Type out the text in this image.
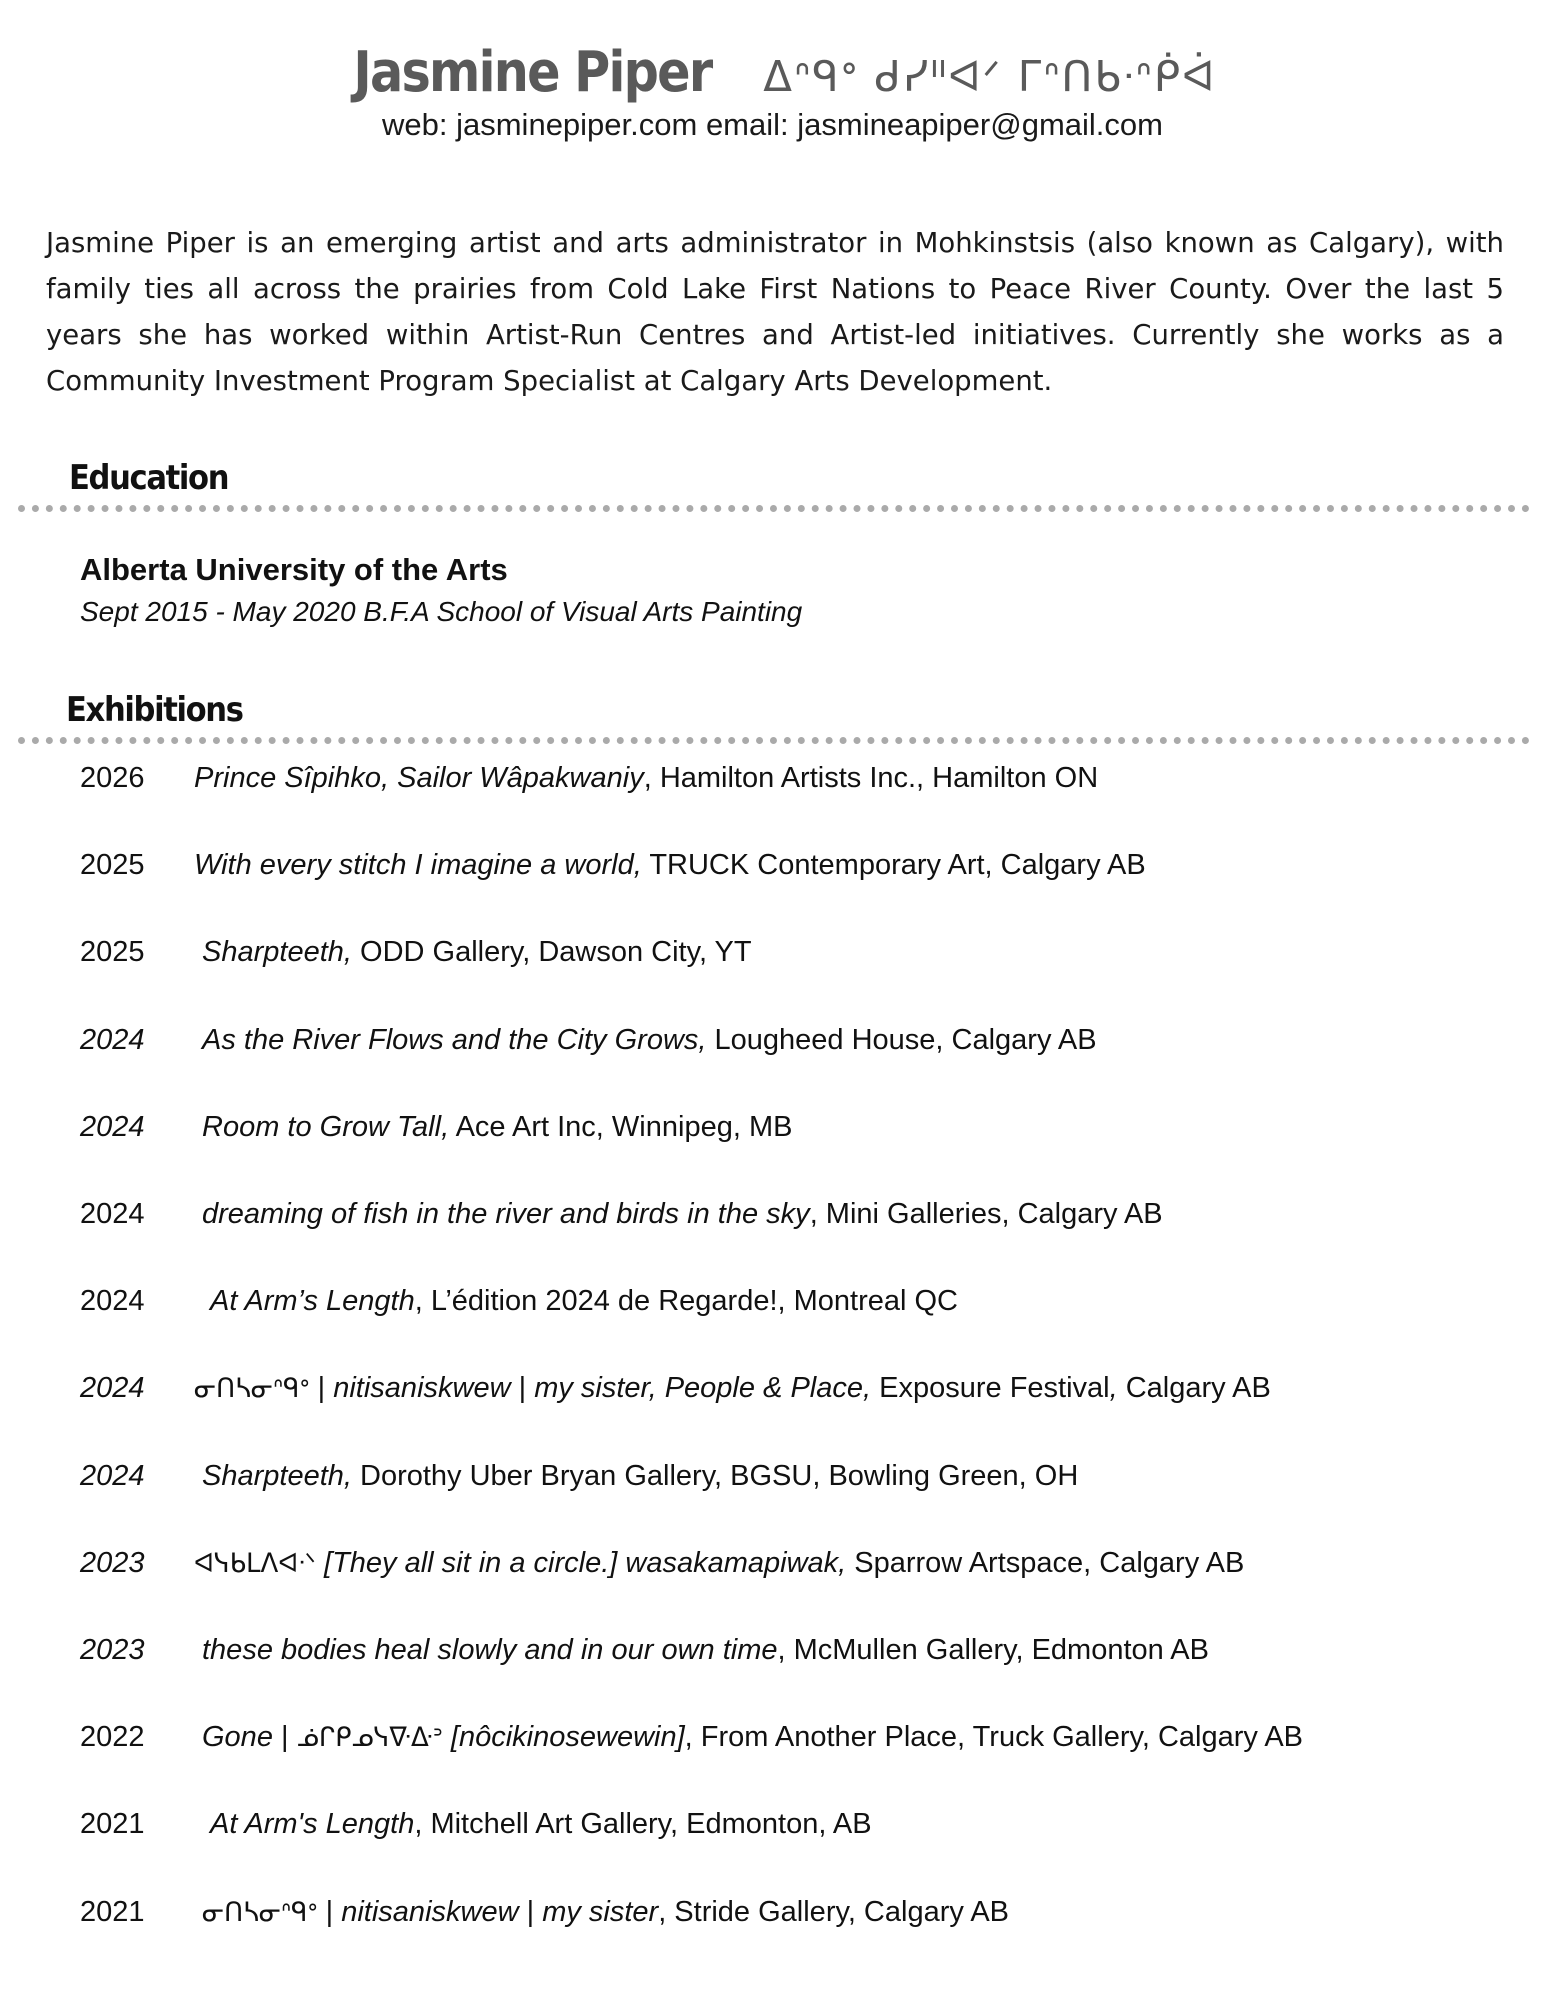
Jasmine Piper ᐃᐢᑫᐤ ᑯᓯᐦᐊᐟ ᒥᐢᑎᑲᐧᐢᑮᐋ
web: jasminepiper.com email: jasmineapiper@gmail.com
Jasmine Piper is an emerging artist and arts administrator in Mohkinstsis (also known as Calgary), with family ties all across the prairies from Cold Lake First Nations to Peace River County. Over the last 5 years she has worked within Artist-Run Centres and Artist-led initiatives. Currently she works as a Community Investment Program Specialist at Calgary Arts Development.
Education
Alberta University of the Arts
Sept 2015 - May 2020 B.F.A School of Visual Arts Painting
Exhibitions
2026 Prince Sîpihko, Sailor Wâpakwaniy, Hamilton Artists Inc., Hamilton ON
2025 With every stitch I imagine a world, TRUCK Contemporary Art, Calgary AB
2025 Sharpteeth, ODD Gallery, Dawson City, YT
2024 As the River Flows and the City Grows, Lougheed House, Calgary AB
2024 Room to Grow Tall, Ace Art Inc, Winnipeg, MB
2024 dreaming of fish in the river and birds in the sky, Mini Galleries, Calgary AB
2024 At Arm’s Length, L’édition 2024 de Regarde!, Montreal QC
2024 ᓂᑎᓴᓂᐢᑫᐤ | nitisaniskwew | my sister, People & Place, Exposure Festival, Calgary AB
2024 Sharpteeth, Dorothy Uber Bryan Gallery, BGSU, Bowling Green, OH
2023 ᐊᓭᑲᒪᐱᐊᐧᐠ [They all sit in a circle.] wasakamapiwak, Sparrow Artspace, Calgary AB
2023 these bodies heal slowly and in our own time, McMullen Gallery, Edmonton AB
2022 Gone | ᓅᒋᑭᓄᓭᐍᐏᐣ [nôcikinosewewin], From Another Place, Truck Gallery, Calgary AB
2021 At Arm's Length, Mitchell Art Gallery, Edmonton, AB
2021 ᓂᑎᓴᓂᐢᑫᐤ | nitisaniskwew | my sister, Stride Gallery, Calgary AB
